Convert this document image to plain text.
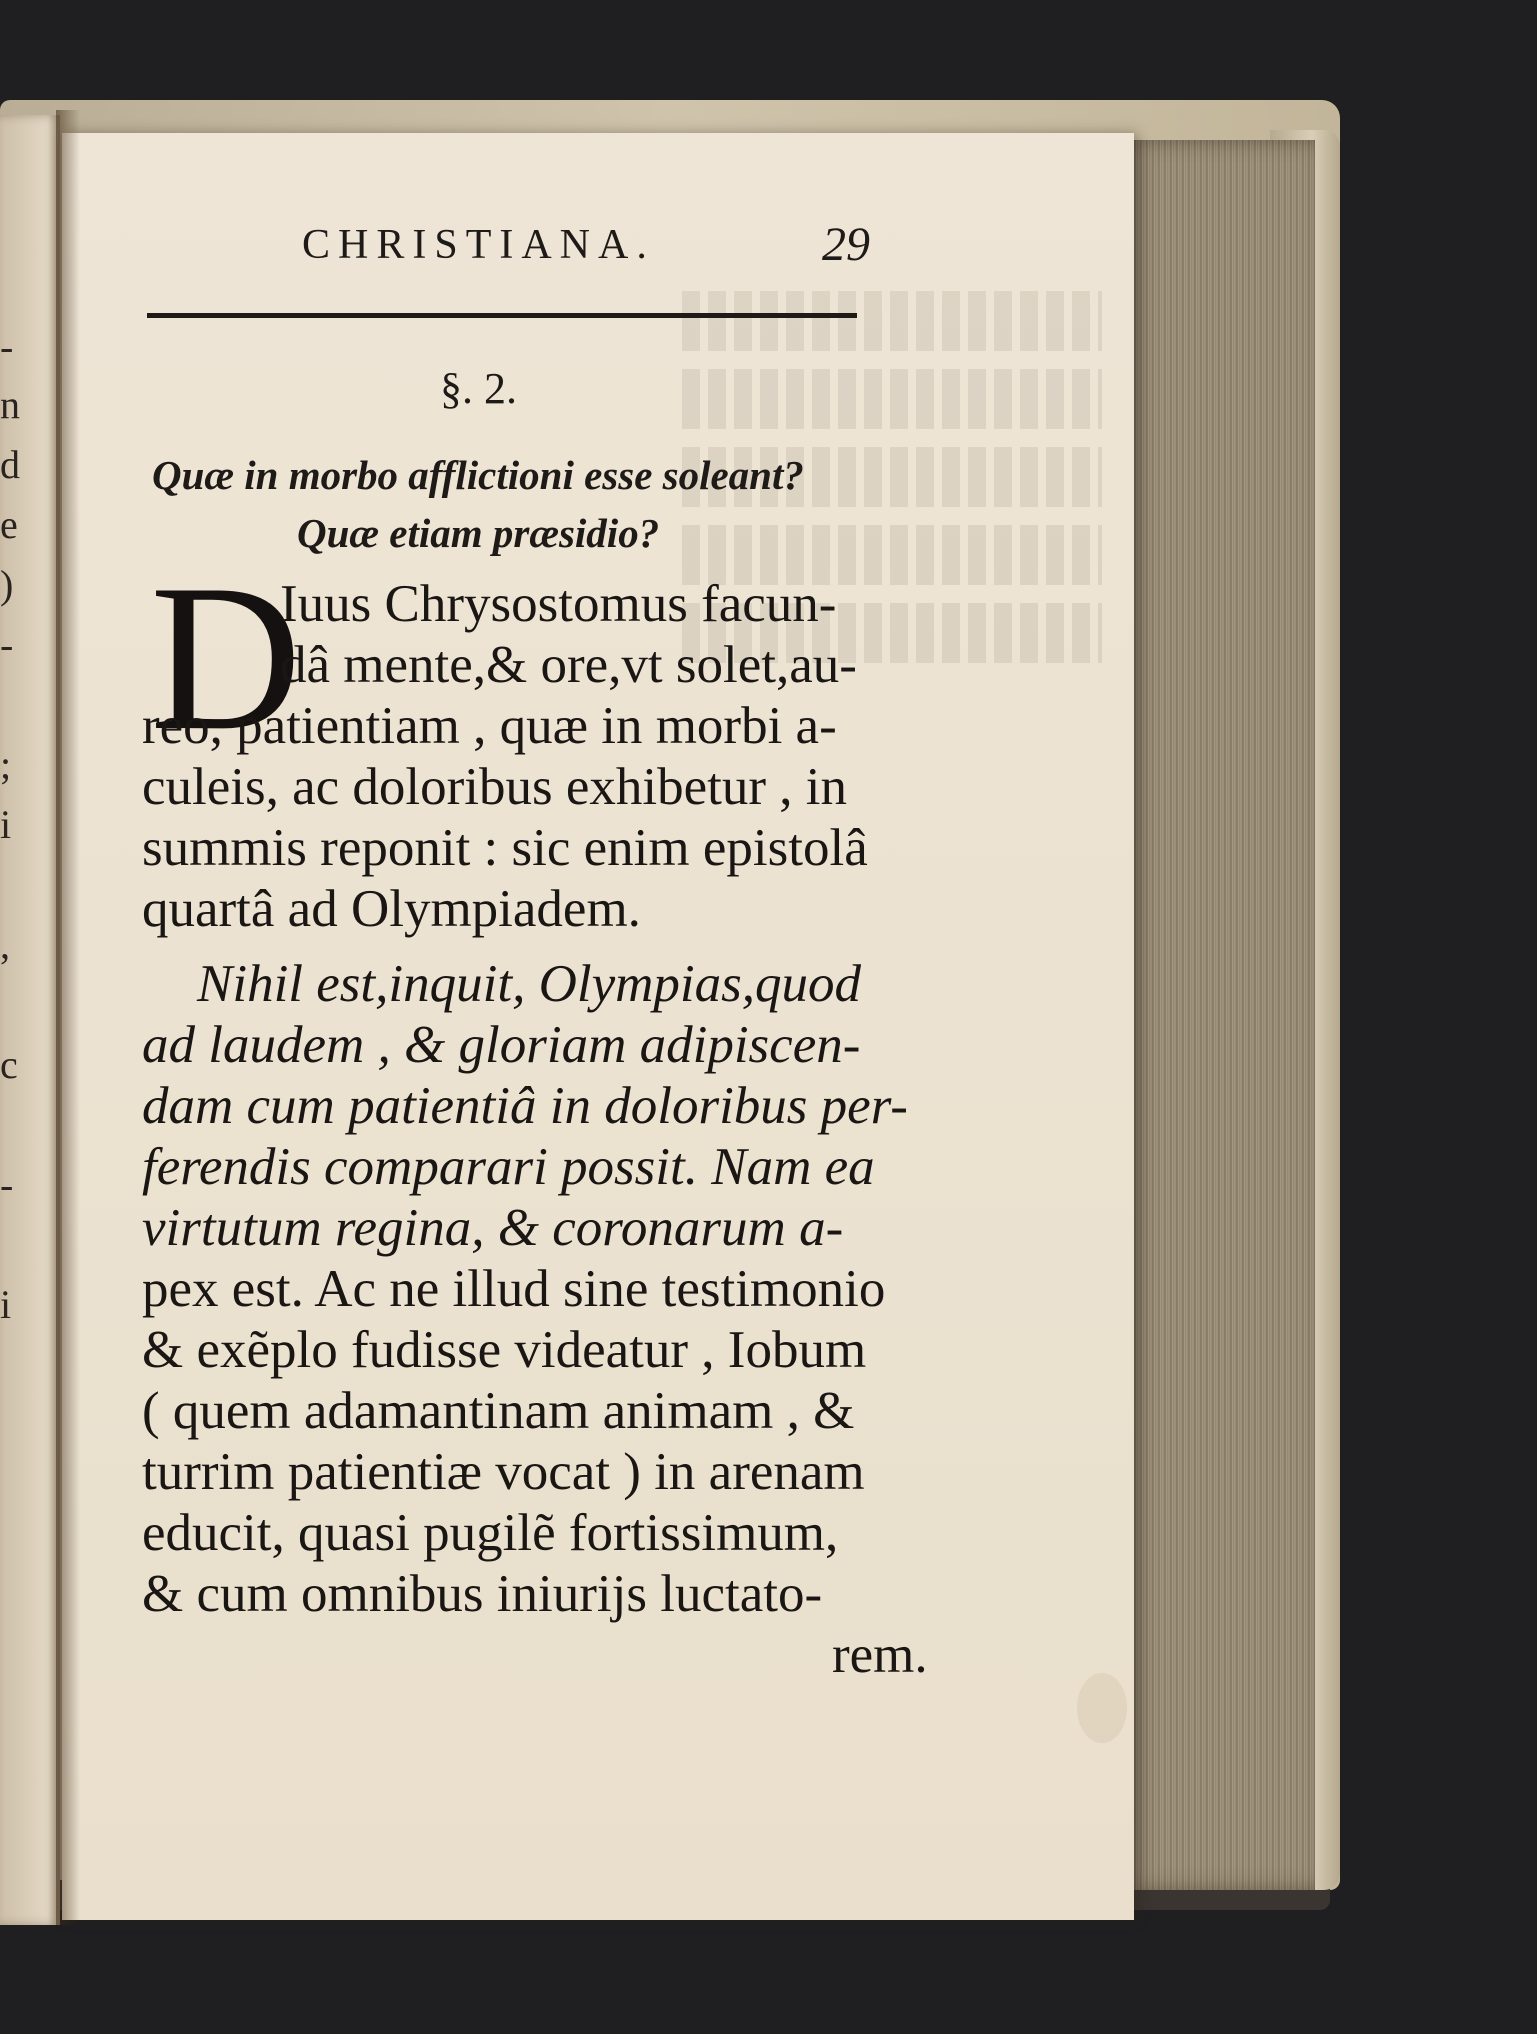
-
n
d
e
)
-
;
i
,
c
-
i
CHRISTIANA.	29
§. 2.
Quæ in morbo afflictioni esse soleant?
Quæ etiam præsidio?
D
Iuus Chrysostomus facun-
dâ mente,& ore,vt solet,au-
reo, patientiam , quæ in morbi a-
culeis, ac doloribus exhibetur , in
summis reponit : sic enim epistolâ
quartâ ad Olympiadem.
Nihil est,inquit, Olympias,quod
ad laudem , & gloriam adipiscen-
dam cum patientiâ in doloribus per-
ferendis comparari possit. Nam ea
virtutum regina, & coronarum a-
pex est. Ac ne illud sine testimonio
& exẽplo fudisse videatur , Iobum
( quem adamantinam animam , &
turrim patientiæ vocat ) in arenam
educit, quasi pugilẽ fortissimum,
& cum omnibus iniurijs luctato-
rem.
